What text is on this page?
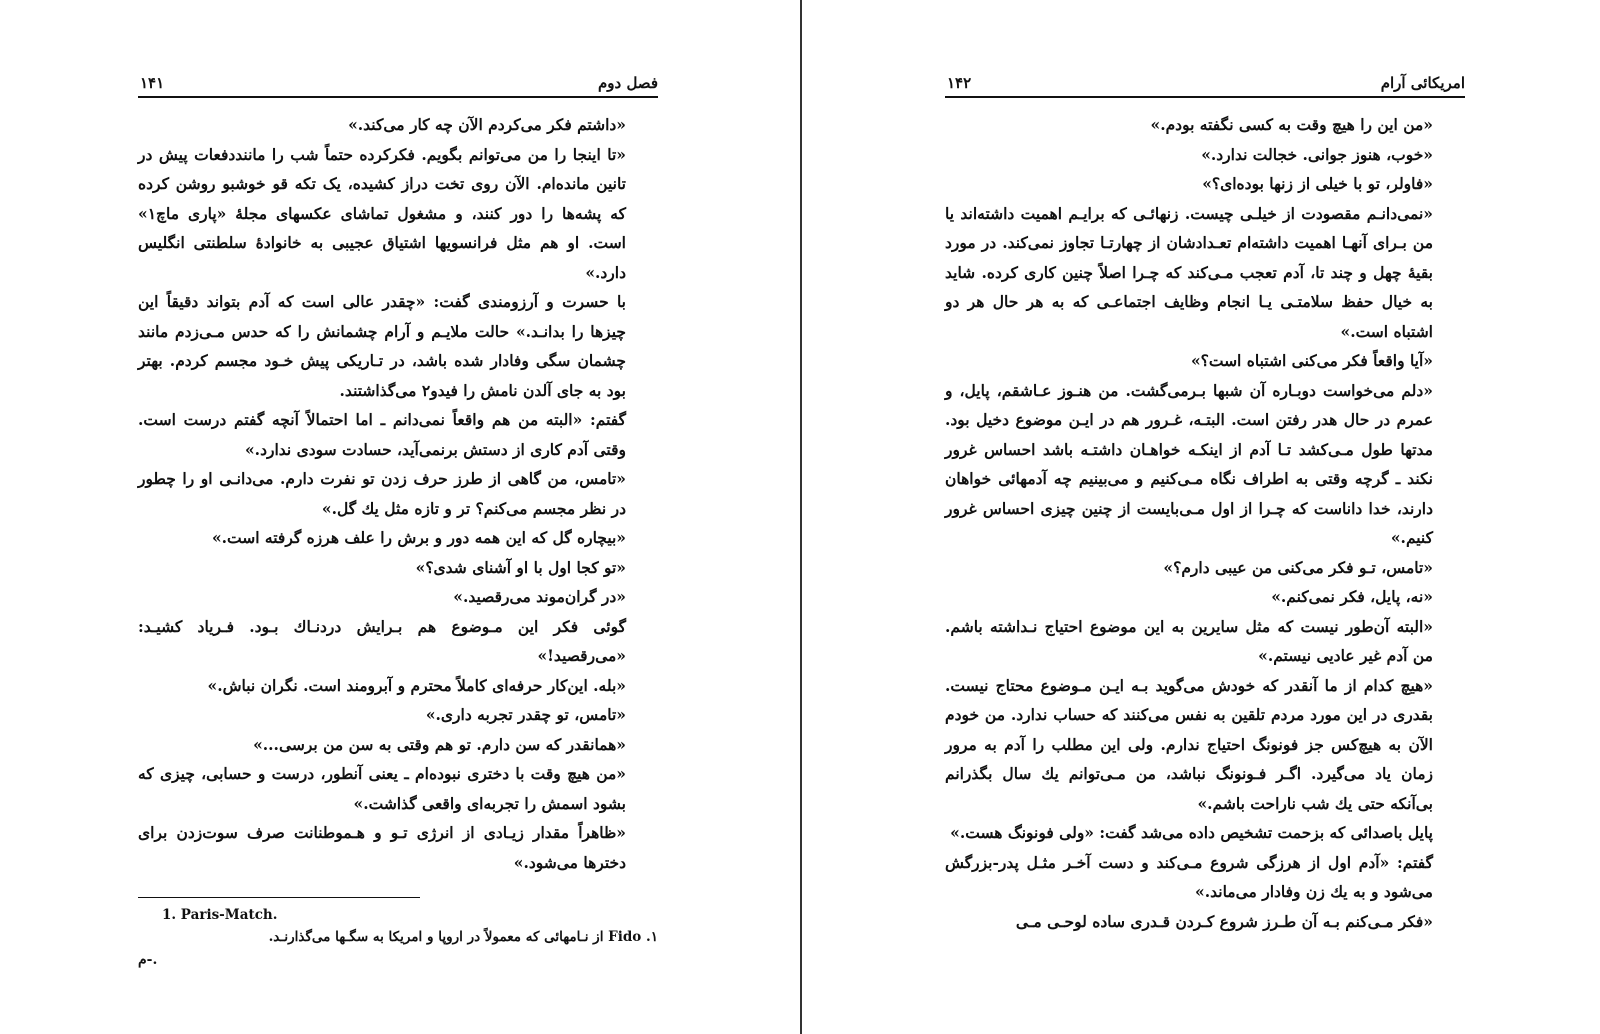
فصل دوم
۱۴۱

«داشتم فکر می‌کردم الآن چه کار می‌کند.»

«تا اینجا را من می‌توانم بگویم. فکرکرده حتماً شب را ماننددفعات پیش در تانین مانده‌ام. الآن روی تخت دراز کشیده، یک تکه قو خوشبو روشن کرده که پشه‌ها را دور کنند، و مشغول تماشای عکسهای مجلهٔ «پاری ماچ۱» است. او هم مثل فرانسویها اشتیاق عجیبی به خانوادهٔ سلطنتی انگلیس دارد.»

با حسرت و آرزومندی گفت: «چقدر عالی است که آدم بتواند دقیقاً این چیزها را بدانـد.» حالت ملایـم و آرام چشمانش را که حدس مـی‌زدم مانند چشمان سگی وفادار شده باشد، در تـاریکی پیش خـود مجسم کردم. بهتر بود به جای آلدن نامش را فیدو۲ می‌گذاشتند.

گفتم: «البته من هم واقعاً نمی‌دانم ـ اما احتمالاً آنچه گفتم درست است. وقتی آدم کاری از دستش برنمی‌آید، حسادت سودی ندارد.»

«تامس، من گاهی از طرز حرف زدن تو نفرت دارم. می‌دانـی او را چطور در نظر مجسم می‌کنم؟ تر و تازه مثل یك گل.»

«بیچاره گل که این همه دور و برش را علف هرزه گرفته است.»

«تو کجا اول با او آشنای شدی؟»

«در گران‌موند می‌رقصید.»

گوئی فکر این مـوضوع هم بـرایش دردنـاك بـود. فـریاد کشیـد: «می‌رقصید!»

«بله. این‌کار حرفه‌ای کاملاً محترم و آبرومند است. نگران نباش.»

«تامس، تو چقدر تجربه داری.»

«همانقدر که سن دارم. تو هم وقتی به سن من برسی...»

«من هیچ وقت با دختری نبوده‌ام ـ یعنی آنطور، درست و حسابی، چیزی که بشود اسمش را تجربه‌ای واقعی گذاشت.»

«ظاهراً مقدار زیـادی از انرژی تـو و هـموطنانت صرف سوت‌زدن برای دخترها می‌شود.»

1. Paris-Match.
۱. Fido از نـامهائی که معمولاً در اروپا و امریکا به سگـها می‌گذارنـد.
م-.
امریکائی آرام
۱۴۲

«من این را هیچ وقت به کسی نگفته بودم.»

«خوب، هنوز جوانی. خجالت ندارد.»

«فاولر، تو با خیلی از زنها بوده‌ای؟»

«نمی‌دانـم مقصودت از خیلـی چیست. زنهائـی که برایـم اهمیت داشته‌اند یا من بـرای آنهـا اهمیت داشته‌ام تعـدادشان از چهارتـا تجاوز نمی‌کند. در مورد بقیهٔ چهل و چند تا، آدم تعجب مـی‌کند که چـرا اصلاً چنین کاری کرده. شاید به خیال حفظ سلامتـی یـا انجام وظایف اجتماعـی که به هر حال هر دو اشتباه است.»

«آیا واقعاً فکر می‌کنی اشتباه است؟»

«دلم می‌خواست دوبـاره آن شبها بـرمی‌گشت. من هنـوز عـاشقم، پایل، و عمرم در حال هدر رفتن است. البتـه، غـرور هم در ایـن موضوع دخیل بود. مدتها طول مـی‌کشد تـا آدم از اینکـه خواهـان داشتـه باشد احساس غرور نکند ـ گرچه وقتی به اطراف نگاه مـی‌کنیم و می‌بینیم چه آدمهائی خواهان دارند، خدا داناست که چـرا از اول مـی‌بایست از چنین چیزی احساس غرور کنیم.»

«تامس، تـو فکر می‌کنی من عیبی دارم؟»

«نه، پایل، فکر نمی‌کنم.»

«البته آن‌طور نیست که مثل سایرین به این موضوع احتیاج نـداشته باشم. من آدم غیر عادیی نیستم.»

«هیچ کدام از ما آنقدر که خودش می‌گوید بـه ایـن مـوضوع محتاج نیست. بقدری در این مورد مردم تلقین به نفس می‌کنند که حساب ندارد. من خودم الآن به هیچ‌کس جز فونونگ احتیاج ندارم. ولی این مطلب را آدم به مرور زمان یاد می‌گیرد. اگـر فـونونگ نباشد، من مـی‌توانم یك سال بگذرانم بی‌آنکه حتی یك شب ناراحت باشم.»

پایل باصدائی که بزحمت تشخیص داده می‌شد گفت: «ولی فونونگ هست.»

گفتم: «آدم اول از هرزگی شروع مـی‌کند و دست آخـر مثـل پدر-بزرگش می‌شود و به یك زن وفادار می‌ماند.»

«فکر مـی‌کنم بـه آن طـرز شروع کـردن قـدری ساده لوحـی مـی
